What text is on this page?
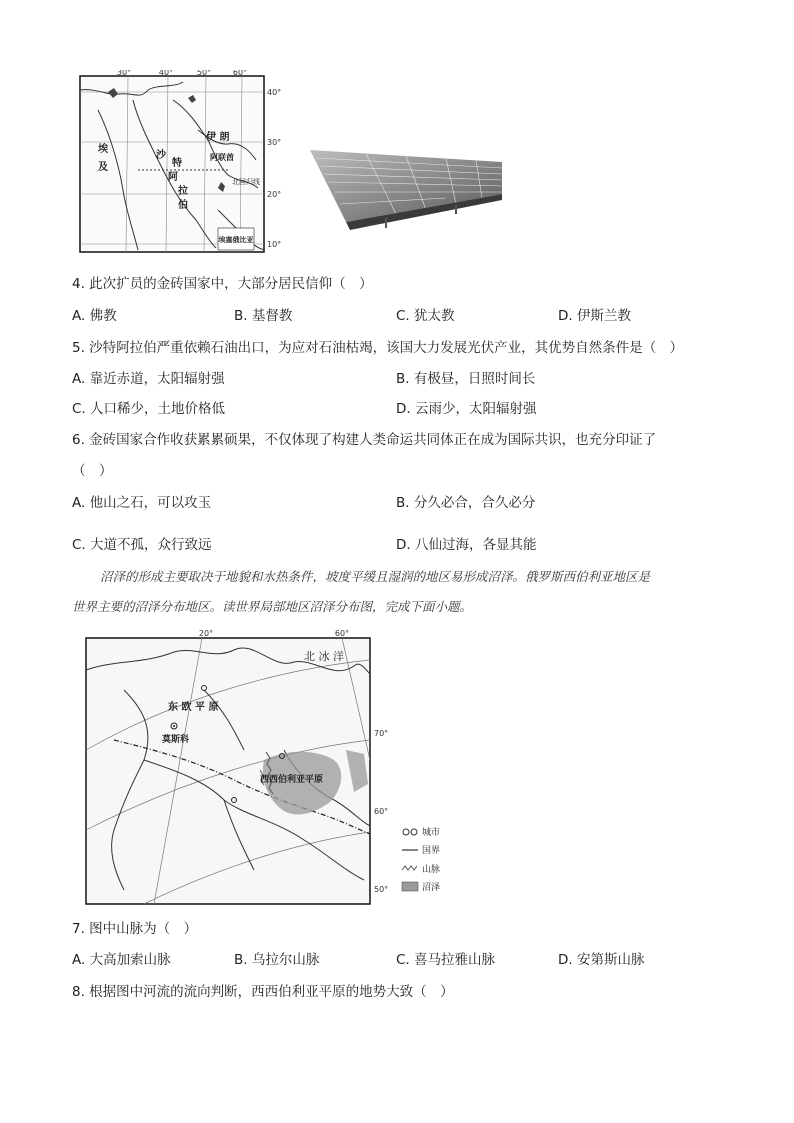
30°	40°	50°	60°
40°
30°
20°
10°
埃
及
沙
特
阿
拉
伯
伊 朗
阿联酋
北回归线
埃塞俄比亚
4. 此次扩员的金砖国家中，大部分居民信仰（　）
A. 佛教	B. 基督教	C. 犹太教	D. 伊斯兰教
5. 沙特阿拉伯严重依赖石油出口，为应对石油枯竭，该国大力发展光伏产业，其优势自然条件是（　）
A. 靠近赤道，太阳辐射强	B. 有极昼，日照时间长
C. 人口稀少，土地价格低	D. 云雨少，太阳辐射强
6. 金砖国家合作收获累累硕果，不仅体现了构建人类命运共同体正在成为国际共识，也充分印证了
（　）
A. 他山之石，可以攻玉	B. 分久必合，合久必分
C. 大道不孤，众行致远	D. 八仙过海，各显其能
沼泽的形成主要取决于地貌和水热条件，坡度平缓且湿润的地区易形成沼泽。俄罗斯西伯利亚地区是
世界主要的沼泽分布地区。读世界局部地区沼泽分布图，完成下面小题。
20°	60°
70°
60°
50°
北 冰 洋
东 欧 平 原
莫斯科
西西伯利亚平原
城市
国界
山脉
沼泽
7. 图中山脉为（　）
A. 大高加索山脉	B. 乌拉尔山脉	C. 喜马拉雅山脉	D. 安第斯山脉
8. 根据图中河流的流向判断，西西伯利亚平原的地势大致（　）
